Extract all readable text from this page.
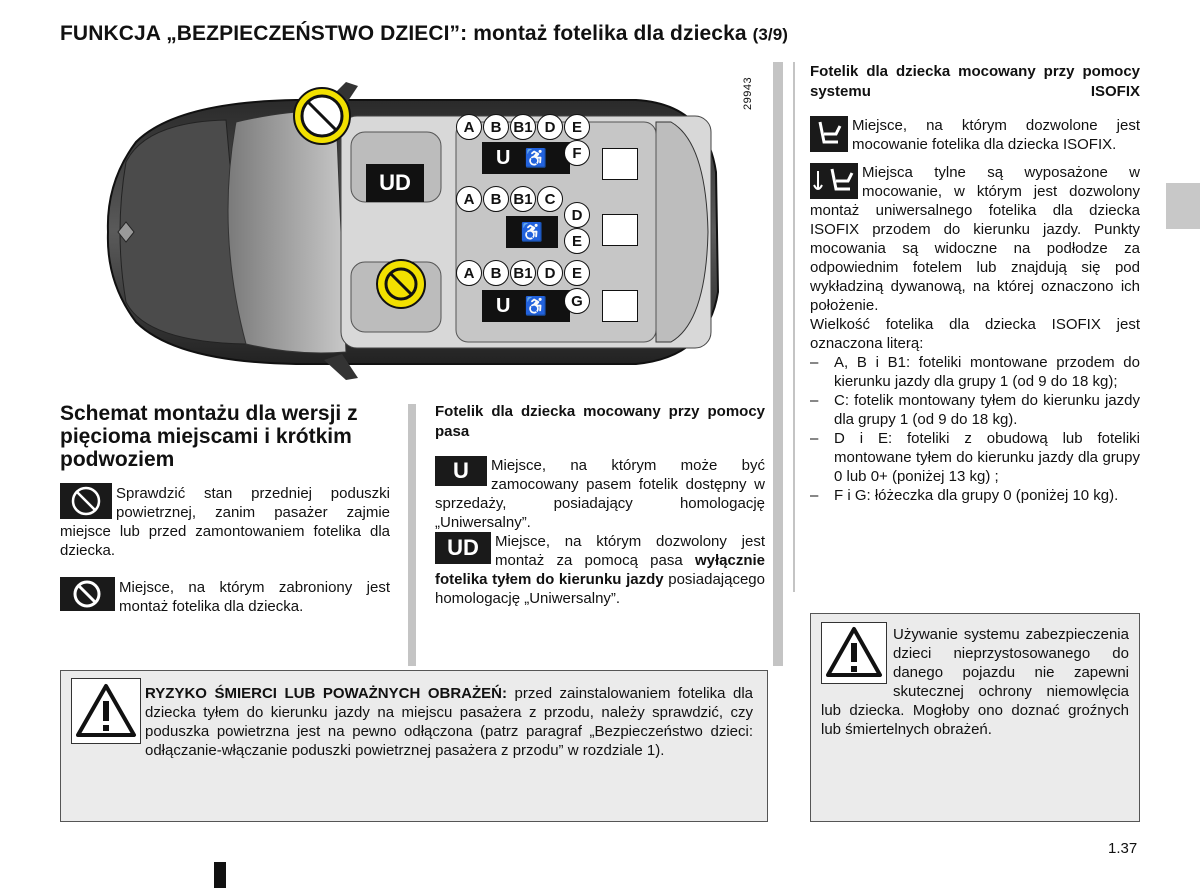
FUNKCJA „BEZPIECZEŃSTWO DZIECI”: montaż fotelika dla dziecka (3/9)
29943
UD
A	B B1 D	E
U ♿	F
A	B B1 C
♿
D
E
A	B B1 D	E
U ♿	G
Schemat montażu dla wersji z pięcioma miejscami i krótkim podwoziem
Sprawdzić stan przedniej poduszki powietrznej, zanim pasażer zajmie miejsce lub przed zamontowaniem fotelika dla dziecka.
Miejsce, na którym zabroniony jest montaż fotelika dla dziecka.
Fotelik dla dziecka mocowany przy pomocy pasa
U	Miejsce, na którym może być zamocowany pasem fotelik dostępny w sprzedaży, posiadający homologację „Uniwersalny”.
UD	Miejsce, na którym dozwolony jest montaż za pomocą pasa wyłącznie fotelika tyłem do kierunku jazdy posiadającego homologację „Uniwersalny”.
Fotelik dla dziecka mocowany przy pomocy systemu ISOFIX
Miejsce, na którym dozwolone jest mocowanie fotelika dla dziecka ISOFIX.
Miejsca tylne są wyposażone w mocowanie, w którym jest dozwolony montaż uniwersalnego fotelika dla dziecka ISOFIX przodem do kierunku jazdy. Punkty mocowania są widoczne na podłodze za odpowiednim fotelem lub znajdują się pod wykładziną dywanową, na której oznaczono ich położenie.
Wielkość fotelika dla dziecka ISOFIX jest oznaczona literą:
–	A, B i B1: foteliki montowane przodem do kierunku jazdy dla grupy 1 (od 9 do 18 kg);
–	C: fotelik montowany tyłem do kierunku jazdy dla grupy 1 (od 9 do 18 kg).
–	D i E: foteliki z obudową lub foteliki montowane tyłem do kierunku jazdy dla grupy 0 lub 0+ (poniżej 13 kg) ;
–	F i G: łóżeczka dla grupy 0 (poniżej 10 kg).
RYZYKO ŚMIERCI LUB POWAŻNYCH OBRAŻEŃ: przed zainstalowaniem fotelika dla dziecka tyłem do kierunku jazdy na miejscu pasażera z przodu, należy sprawdzić, czy poduszka powietrzna jest na pewno odłączona (patrz paragraf „Bezpieczeństwo dzieci: odłączanie-włączanie poduszki powietrznej pasażera z przodu” w rozdziale 1).
Używanie systemu zabezpieczenia dzieci nieprzystosowanego do danego pojazdu nie zapewni skutecznej ochrony niemowlęcia lub dziecka. Mogłoby ono doznać groźnych lub śmiertelnych obrażeń.
1.37
